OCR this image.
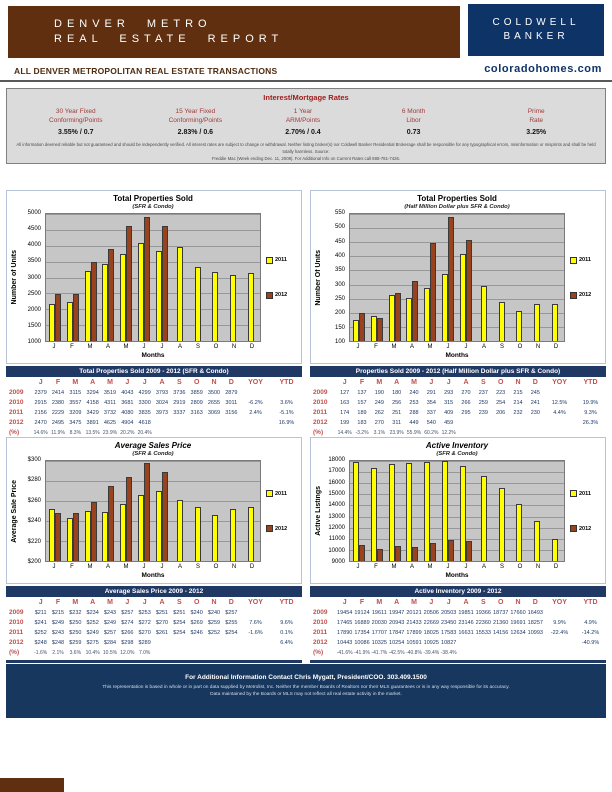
DENVER METRO
REAL ESTATE REPORT
COLDWELL
BANKER
ALL DENVER METROPOLITAN REAL ESTATE TRANSACTIONS	coloradohomes.com
Interest/Mortgage Rates
30 Year Fixed
Conforming/Points
3.55% / 0.7
15 Year Fixed
Conforming/Points
2.83% / 0.6
1 Year
ARM/Points
2.70% / 0.4
6 Month
Libor
0.73
Prime
Rate
3.25%
All information deemed reliable but not guaranteed and should be independently verified. All interest rates are subject to change or withdrawal. Neither listing broker(s) nor Coldwell Banker Residential Brokerage shall be responsible for any typographical errors, misinformation or misprints and shall be held totally harmless. Source:
Freddie Mac (Week ending Dec. 11, 2008). For Additional Info on Current Rates call 888-781-7426.
Total Properties Sold
(SFR & Condo)
Number of Units
5000
4500
4000
3500
3000
2500
2000
1500
1000
2011
2012
J	F	M	A	M	J	J	A	S	O	N	D
Months
Total Properties Sold
(Half Million Dollar plus SFR & Condo)
Number Of Units
550
500
450
400
350
300
250
200
150
100
2011
2012
J	F	M	A	M	J	J	A	S	O	N	D
Months
Total Properties Sold 2009 - 2012 (SFR & Condo)
J	F	M	A	M	J	J	A	S	O	N	D	YOY	YTD
2009	2379 2414 3115 3294 3519 4043 4299 3793 3736 3859 3500 2879
2010	2915 2380 3557 4158 4311 3681 3300 3024 2919 2809 2655 3011	-6.2%	3.6%
2011	2156 2229 3209 3429 3732 4080 3835 3973 3337 3163 3069 3156	2.4%	-5.1%
2012	2470 2495 3475 3891 4625 4904 4618	16.9%
(%)	14.6% 11.9% 8.3% 13.5% 23.9% 20.2% 20.4%
Properties Sold 2009 - 2012 (Half Million Dollar plus SFR & Condo)
J	F	M	A	M	J	J	A	S	O	N	D	YOY	YTD
2009	127	137	190	180	240	291	293	270	237	223	215	245
2010	163	157	249	256	253	354	315	266	259	254	214	241	12.5%	19.9%
2011	174	189	262	251	288	337	409	295	239	206	232	230	4.4%	9.3%
2012	199	183	270	311	449	540	459	26.3%
(%)	14.4% -3.2%	3.1% 23.9% 55.9% 60.2% 12.2%
Average Sales Price
(SFR & Condo)
Average Sale Price
$300
$280
$260
$240
$220
$200
2011
2012
J	F	M	A	M	J	J	A	S	O	N	D
Months
Active Inventory
(SFR & Condo)
Active Listings
18000
17000
16000
15000
14000
13000
12000
11000
10000
9000
2011
2012
J	F	M	A	M	J	J	A	S	O	N	D
Months
Average Sales Price 2009 - 2012
J	F	M	A	M	J	J	A	S	O	N	D	YOY	YTD
2009	$211 $215 $232 $234 $243 $257 $253 $251 $251 $240 $240 $257
2010	$241 $249 $250 $252 $249 $274 $272 $270 $254 $269 $259 $255	7.6%	9.6%
2011	$252 $243 $250 $249 $257 $266 $270 $261 $254 $246 $252 $254	-1.6%	0.1%
2012	$248 $248 $259 $275 $284 $298 $289	6.4%
(%)	-1.6%	2.1%	3.6% 10.4% 10.5% 12.0% 7.0%
Active Inventory 2009 - 2012
J	F	M	A	M	J	J	A	S	O	N	D	YOY	YTD
2009	19454 19124 19611 19947 20121 20506 20503 19851 19366 18737 17660 16493
2010	17465 16889 20030 20943 21433 22669 23450 23146 22360 21360 19691 18257	9.9%	4.9%
2011	17890 17354 17707 17847 17899 18025 17583 16631 15533 14156 12634 10993	-22.4%	-14.2%
2012	10443 10086 10325 10254 10591 10925 10827	-40.9%
(%)	-41.6% -41.9% -41.7% -42.5% -40.8% -39.4% -38.4%
For Additional Information Contact Chris Mygatt, President/COO. 303.409.1500
This representation is based in whole or in part on data supplied by Metrolist, Inc. Neither the member Boards of Realtors nor their MLS guarantees or is in any way responsible for its accuracy.
Data maintained by the Boards or MLS may not reflect all real estate activity in the market.
